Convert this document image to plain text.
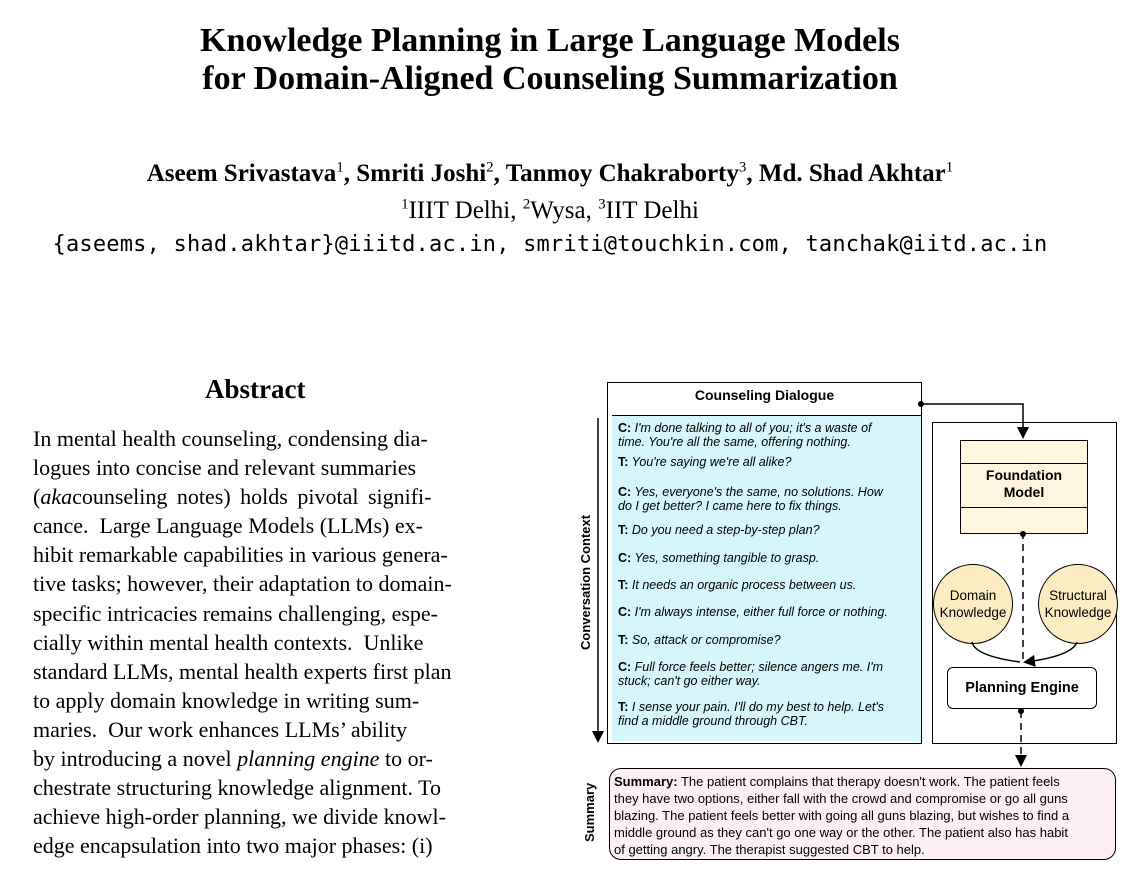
Knowledge Planning in Large Language Models
for Domain-Aligned Counseling Summarization
Aseem Srivastava$^1$, Smriti Joshi$^2$, Tanmoy Chakraborty$^3$, Md. Shad Akhtar$^1$
$^1$IIIT Delhi, $^2$Wysa, $^3$IIT Delhi
{aseems, shad.akhtar}@iiitd.ac.in, smriti@touchkin.com, tanchak@iitd.ac.in
Abstract
In mental health counseling, condensing dia-
logues into concise and relevant summaries
( aka counseling notes) holds pivotal signifi-
cance.  Large Language Models (LLMs) ex-
hibit remarkable capabilities in various genera-
tive tasks; however, their adaptation to domain-
specific intricacies remains challenging, espe-
cially within mental health contexts.  Unlike
standard LLMs, mental health experts first plan
to apply domain knowledge in writing sum-
maries.  Our work enhances LLMs’ ability
by introducing a novel planning engine to or-
chestrate structuring knowledge alignment. To
achieve high-order planning, we divide knowl-
edge encapsulation into two major phases: (i)
Conversation Context
Counseling Dialogue
C: I'm done talking to all of you; it's a waste of
time. You're all the same, offering nothing.
T: You're saying we're all alike?
C: Yes, everyone's the same, no solutions. How
do I get better? I came here to fix things.
T: Do you need a step-by-step plan?
C: Yes, something tangible to grasp.
T: It needs an organic process between us.
C: I'm always intense, either full force or nothing.
T: So, attack or compromise?
C: Full force feels better; silence angers me. I'm
stuck; can't go either way.
T: I sense your pain. I'll do my best to help. Let's
find a middle ground through CBT.
Foundation
Model
Domain
Knowledge
Structural
Knowledge
Planning Engine
Summary
Summary: The patient complains that therapy doesn't work. The patient feels
they have two options, either fall with the crowd and compromise or go all guns
blazing. The patient feels better with going all guns blazing, but wishes to find a
middle ground as they can't go one way or the other. The patient also has habit
of getting angry. The therapist suggested CBT to help.
